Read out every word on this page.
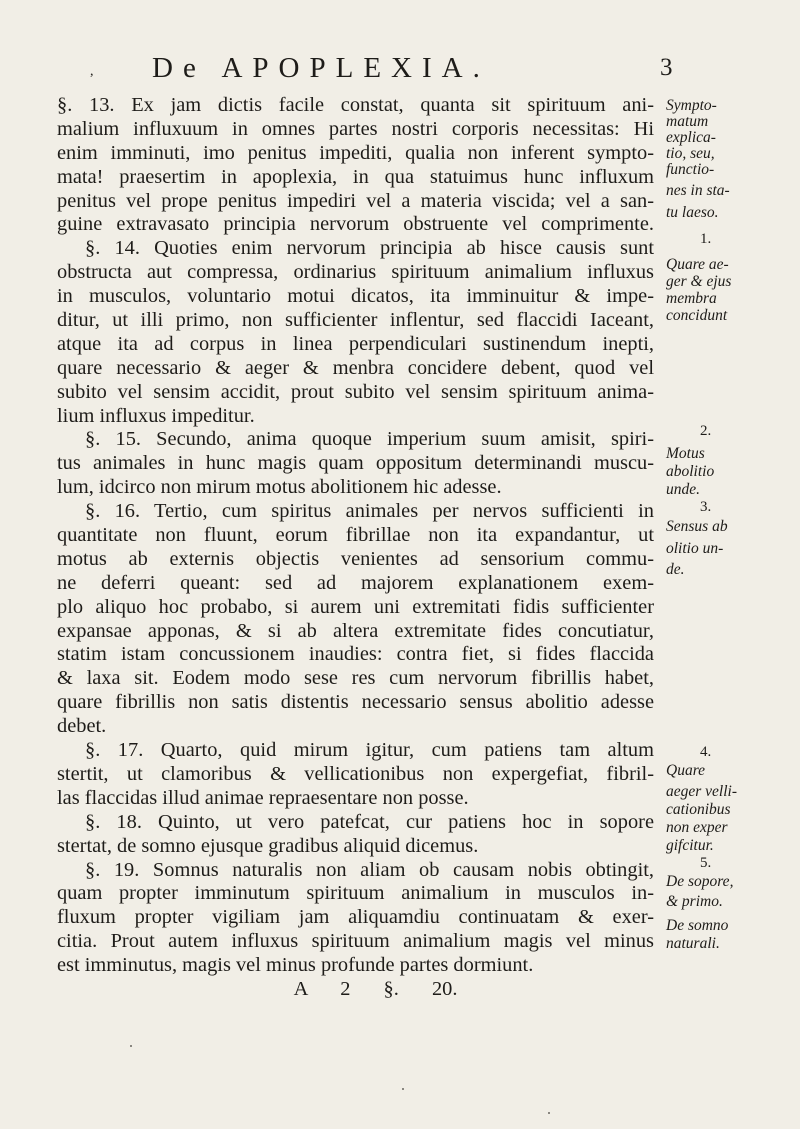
, De APOPLEXIA.	3
§. 13. Ex jam dictis facile constat, quanta sit spirituum ani-
malium influxuum in omnes partes nostri corporis necessitas: Hi
enim imminuti, imo penitus impediti, qualia non inferent sympto-
mata! praesertim in apoplexia, in qua statuimus hunc influxum
penitus vel prope penitus impediri vel a materia viscida; vel a san-
guine extravasato principia nervorum obstruente vel comprimente.
§. 14. Quoties enim nervorum principia ab hisce causis sunt
obstructa aut compressa, ordinarius spirituum animalium influxus
in musculos, voluntario motui dicatos, ita imminuitur & impe-
ditur, ut illi primo, non sufficienter inflentur, sed flaccidi Iaceant,
atque ita ad corpus in linea perpendiculari sustinendum inepti,
quare necessario & aeger & menbra concidere debent, quod vel
subito vel sensim accidit, prout subito vel sensim spirituum anima-
lium influxus impeditur.
§. 15. Secundo, anima quoque imperium suum amisit, spiri-
tus animales in hunc magis quam oppositum determinandi muscu-
lum, idcirco non mirum motus abolitionem hic adesse.
§. 16. Tertio, cum spiritus animales per nervos sufficienti in
quantitate non fluunt, eorum fibrillae non ita expandantur, ut
motus ab externis objectis venientes ad sensorium commu-
ne deferri queant: sed ad majorem explanationem exem-
plo aliquo hoc probabo, si aurem uni extremitati fidis sufficienter
expansae apponas, & si ab altera extremitate fides concutiatur,
statim istam concussionem inaudies: contra fiet, si fides flaccida
& laxa sit. Eodem modo sese res cum nervorum fibrillis habet,
quare fibrillis non satis distentis necessario sensus abolitio adesse
debet.
§. 17. Quarto, quid mirum igitur, cum patiens tam altum
stertit, ut clamoribus & vellicationibus non expergefiat, fibril-
las flaccidas illud animae repraesentare non posse.
§. 18. Quinto, ut vero patefcat, cur patiens hoc in sopore
stertat, de somno ejusque gradibus aliquid dicemus.
§. 19. Somnus naturalis non aliam ob causam nobis obtingit,
quam propter imminutum spirituum animalium in musculos in-
fluxum propter vigiliam jam aliquamdiu continuatam & exer-
citia. Prout autem influxus spirituum animalium magis vel minus
est imminutus, magis vel minus profunde partes dormiunt.
A 2 §. 20.
Sympto-
matum
explica-
tio, seu,
functio-
nes in sta-
tu laeso.
1.
Quare ae-
ger & ejus
membra
concidunt
2.
Motus
abolitio
unde.
3.
Sensus ab
olitio un-
de.
4.
Quare
aeger velli-
cationibus
non exper
gifcitur.
5.
De sopore,
& primo.
De somno
naturali.
